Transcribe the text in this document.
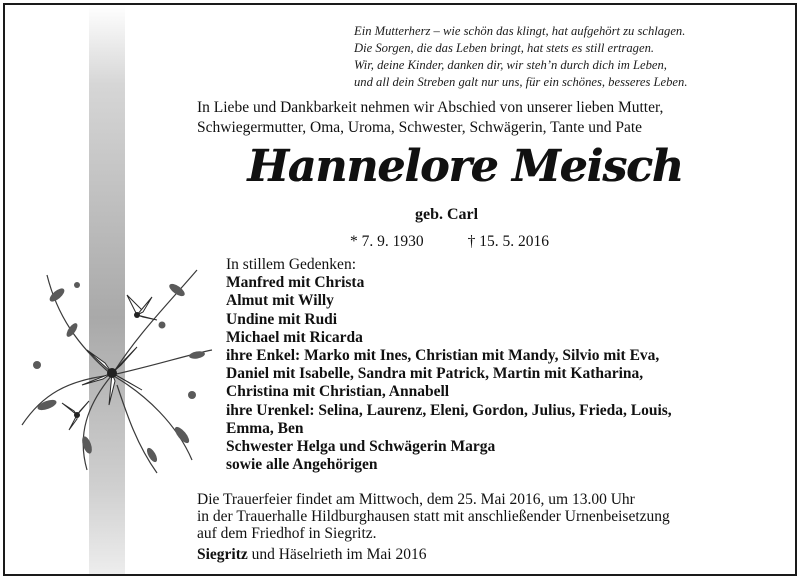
Ein Mutterherz – wie schön das klingt, hat aufgehört zu schlagen.
Die Sorgen, die das Leben bringt, hat stets es still ertragen.
Wir, deine Kinder, danken dir, wir steh’n durch dich im Leben,
und all dein Streben galt nur uns, für ein schönes, besseres Leben.
In Liebe und Dankbarkeit nehmen wir Abschied von unserer lieben Mutter,
Schwiegermutter, Oma, Uroma, Schwester, Schwägerin, Tante und Pate
Hannelore Meisch
geb. Carl
* 7. 9. 1930	† 15. 5. 2016
In stillem Gedenken:
Manfred mit Christa
Almut mit Willy
Undine mit Rudi
Michael mit Ricarda
ihre Enkel: Marko mit Ines, Christian mit Mandy, Silvio mit Eva,
Daniel mit Isabelle, Sandra mit Patrick, Martin mit Katharina,
Christina mit Christian, Annabell
ihre Urenkel: Selina, Laurenz, Eleni, Gordon, Julius, Frieda, Louis,
Emma, Ben
Schwester Helga und Schwägerin Marga
sowie alle Angehörigen
Die Trauerfeier findet am Mittwoch, dem 25. Mai 2016, um 13.00 Uhr
in der Trauerhalle Hildburghausen statt mit anschließender Urnenbeisetzung
auf dem Friedhof in Siegritz.
Siegritz und Häselrieth im Mai 2016
